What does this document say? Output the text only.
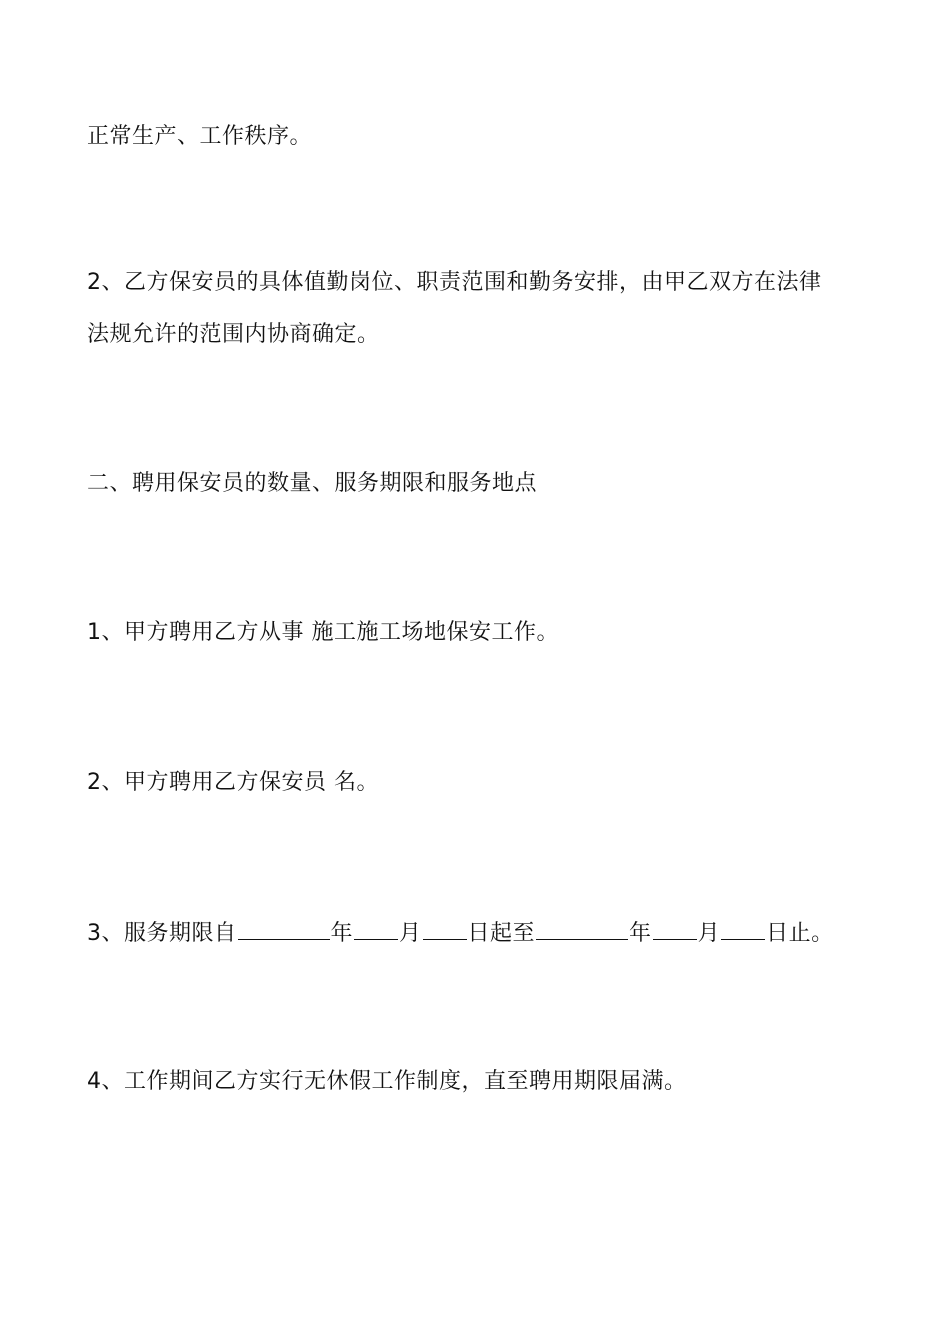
正常生产、工作秩序。
2、乙方保安员的具体值勤岗位、职责范围和勤务安排，由甲乙双方在法律
法规允许的范围内协商确定。
二、聘用保安员的数量、服务期限和服务地点
1、甲方聘用乙方从事 施工施工场地保安工作。
2、甲方聘用乙方保安员 名。
3、服务期限自	年 月 日起至	年 月 日止。
4、工作期间乙方实行无休假工作制度，直至聘用期限届满。
